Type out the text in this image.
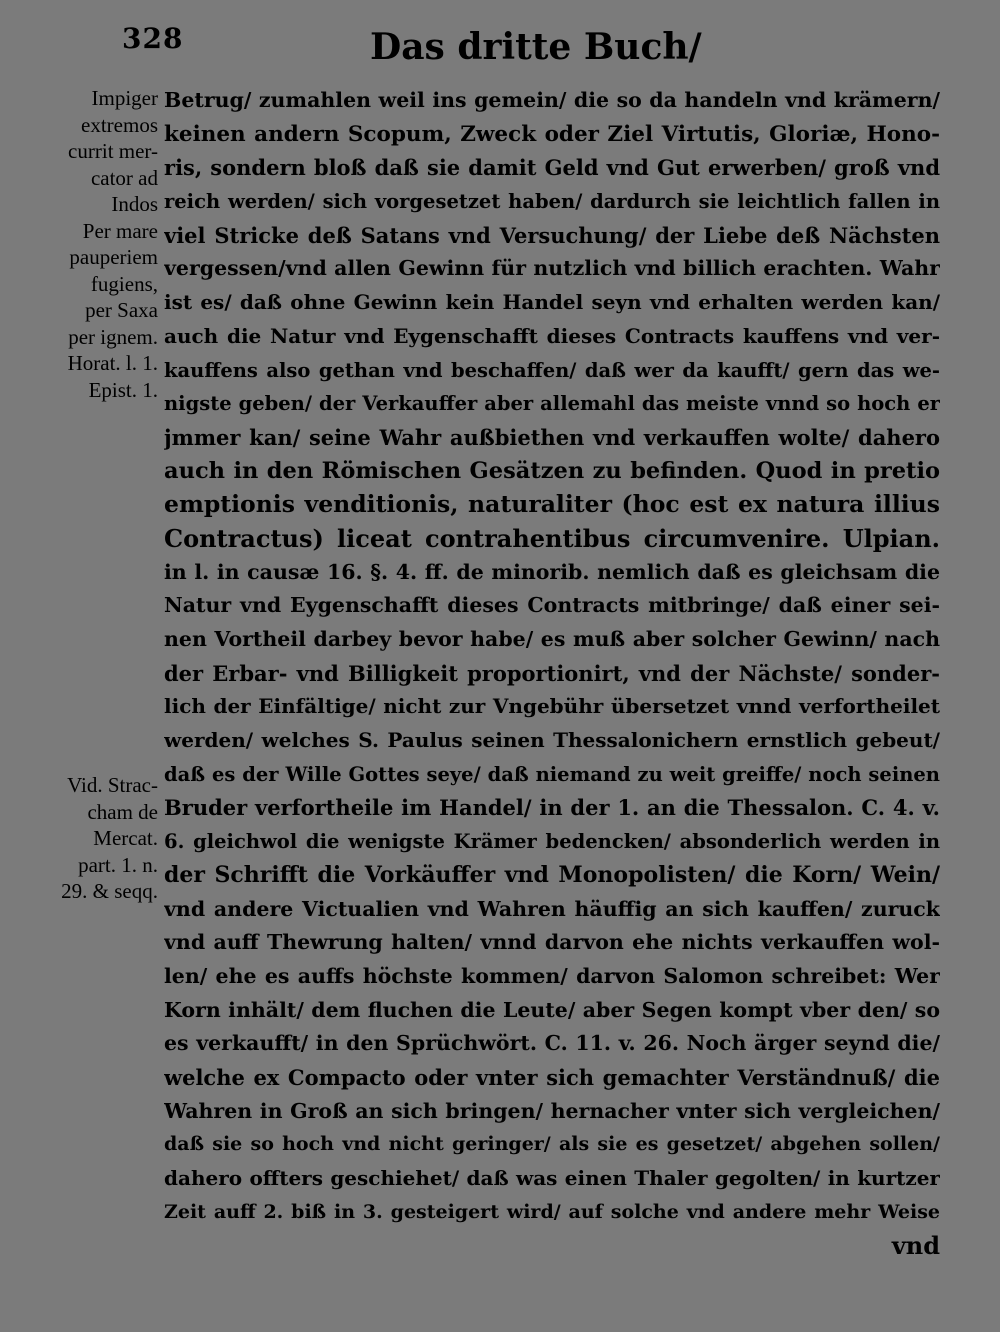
328	Das dritte Buch/
Impiger
extremos
currit mer-
cator ad
Indos
Per mare
pauperiem
fugiens,
per Saxa
per ignem.
Horat. l. 1.
Epist. 1.
Vid. Strac-
cham de
Mercat.
part. 1. n.
29. & seqq.
Betrug/ zumahlen weil ins gemein/ die so da handeln vnd krämern/
keinen andern Scopum, Zweck oder Ziel Virtutis, Gloriæ, Hono-
ris, sondern bloß daß sie damit Geld vnd Gut erwerben/ groß vnd
reich werden/ sich vorgesetzet haben/ dardurch sie leichtlich fallen in
viel Stricke deß Satans vnd Versuchung/ der Liebe deß Nächsten
vergessen/vnd allen Gewinn für nutzlich vnd billich erachten. Wahr
ist es/ daß ohne Gewinn kein Handel seyn vnd erhalten werden kan/
auch die Natur vnd Eygenschafft dieses Contracts kauffens vnd ver-
kauffens also gethan vnd beschaffen/ daß wer da kaufft/ gern das we-
nigste geben/ der Verkauffer aber allemahl das meiste vnnd so hoch er
jmmer kan/ seine Wahr außbiethen vnd verkauffen wolte/ dahero
auch in den Römischen Gesätzen zu befinden. Quod in pretio
emptionis venditionis, naturaliter (hoc est ex natura illius
Contractus) liceat contrahentibus circumvenire. Ulpian.
in l. in causæ 16. §. 4. ff. de minorib. nemlich daß es gleichsam die
Natur vnd Eygenschafft dieses Contracts mitbringe/ daß einer sei-
nen Vortheil darbey bevor habe/ es muß aber solcher Gewinn/ nach
der Erbar- vnd Billigkeit proportionirt, vnd der Nächste/ sonder-
lich der Einfältige/ nicht zur Vngebühr übersetzet vnnd verfortheilet
werden/ welches S. Paulus seinen Thessalonichern ernstlich gebeut/
daß es der Wille Gottes seye/ daß niemand zu weit greiffe/ noch seinen
Bruder verfortheile im Handel/ in der 1. an die Thessalon. C. 4. v.
6. gleichwol die wenigste Krämer bedencken/ absonderlich werden in
der Schrifft die Vorkäuffer vnd Monopolisten/ die Korn/ Wein/
vnd andere Victualien vnd Wahren häuffig an sich kauffen/ zuruck
vnd auff Thewrung halten/ vnnd darvon ehe nichts verkauffen wol-
len/ ehe es auffs höchste kommen/ darvon Salomon schreibet: Wer
Korn inhält/ dem fluchen die Leute/ aber Segen kompt vber den/ so
es verkaufft/ in den Sprüchwört. C. 11. v. 26. Noch ärger seynd die/
welche ex Compacto oder vnter sich gemachter Verständnuß/ die
Wahren in Groß an sich bringen/ hernacher vnter sich vergleichen/
daß sie so hoch vnd nicht geringer/ als sie es gesetzet/ abgehen sollen/
dahero offters geschiehet/ daß was einen Thaler gegolten/ in kurtzer
Zeit auff 2. biß in 3. gesteigert wird/ auf solche vnd andere mehr Weise
vnd
